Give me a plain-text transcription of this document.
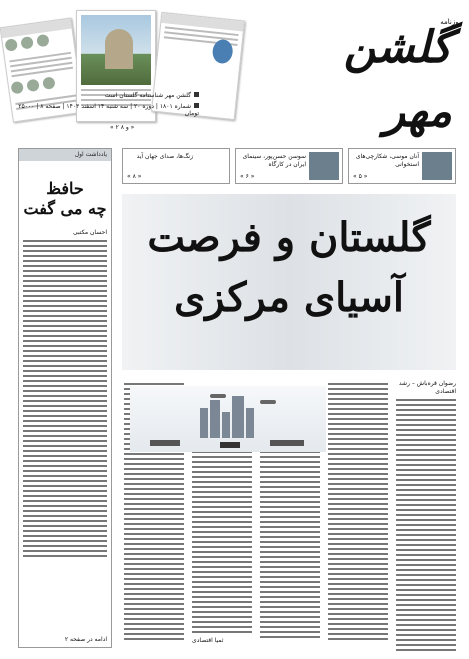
« ۲ و ۸ »
گلشن مهر
روزنامه
گلشن مهر شناسنامه گلستان است
شماره ۱۸۰۱ | دوره ۲۰ | سه شنبه ۱۴ اسفند ۱۴۰۳ | صفحه ۸ | ۲۵۰۰۰ تومان
یادداشت اول
حافظ
چه می گفت
احسان مکتبی
ادامه در صفحه ۲
آنان موسی، شکارچی‌های استخوانی
« ۵ »
سوسن حسن‌پور، سینمای ایران در کارگاه
« ۶ »
زنگ‌ها، صدای جهان آید
« ۸ »
گلستان و فرصت
آسیای مرکزی
رضوان قره‌باش – رشد اقتصادی
ثمیا اقتصادی
